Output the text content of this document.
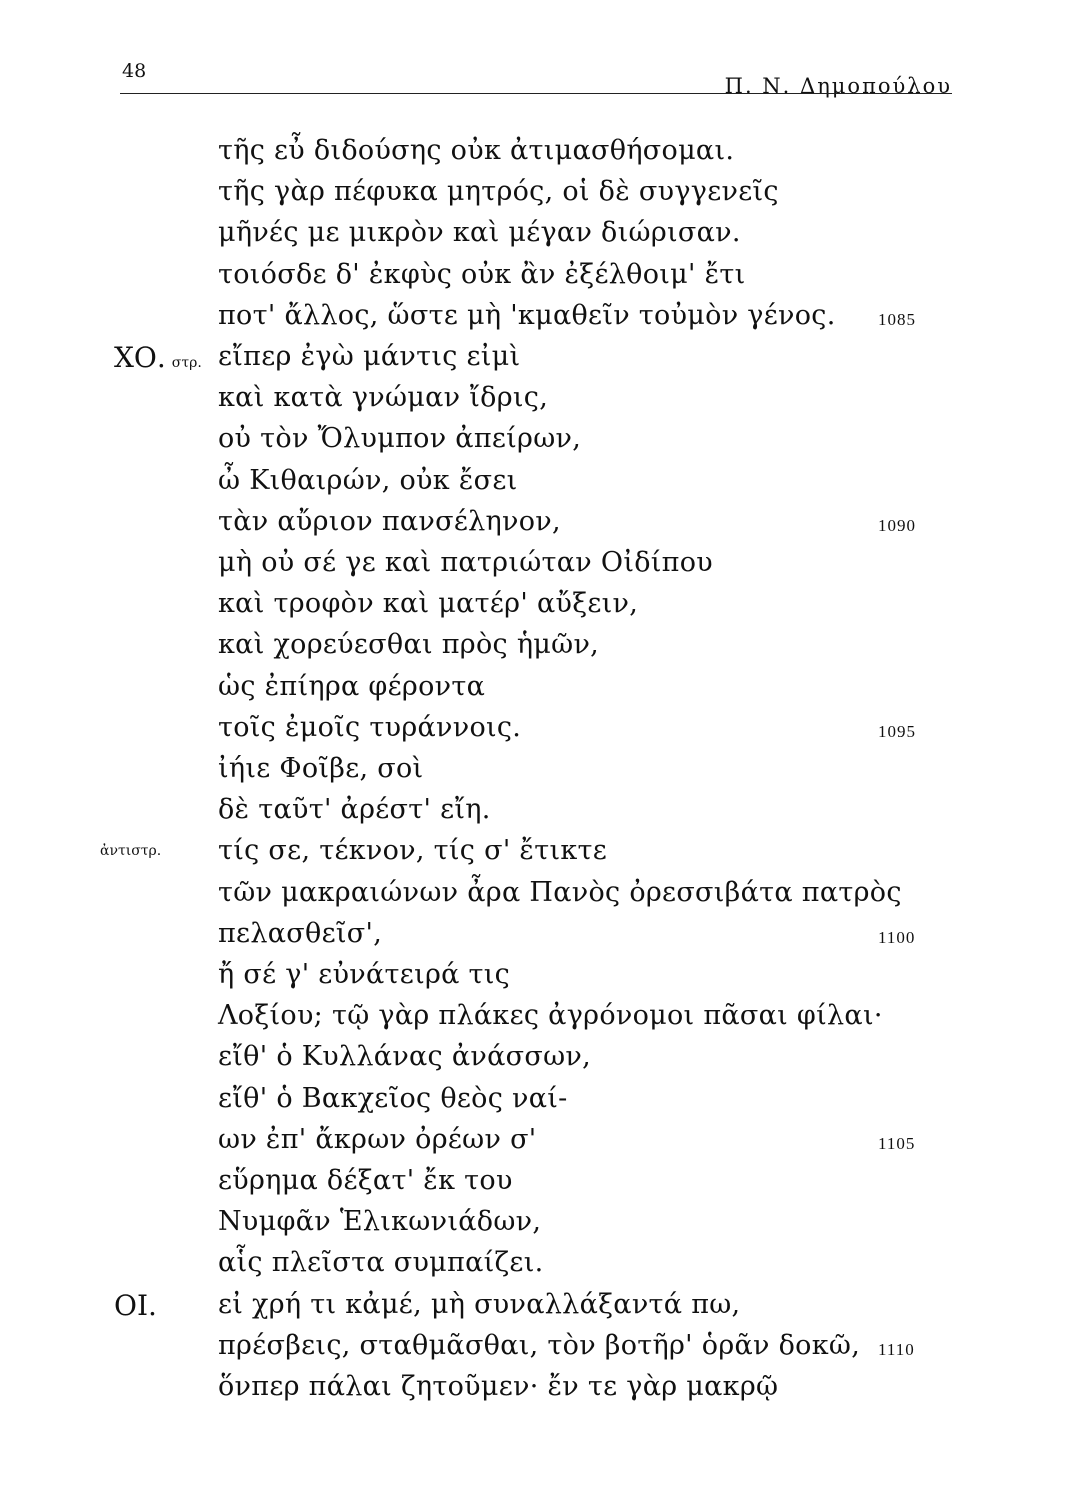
48
Π. Ν. Δημοπούλου
τῆς εὖ διδούσης οὐκ ἀτιμασθήσομαι.
τῆς γὰρ πέφυκα μητρός, οἱ δὲ συγγενεῖς
μῆνές με μικρὸν καὶ μέγαν διώρισαν.
τοιόσδε δ' ἐκφὺς οὐκ ἂν ἐξέλθοιμ' ἔτι
ποτ' ἄλλος, ὥστε μὴ 'κμαθεῖν τοὐμὸν γένος. 1085
ΧΟ. στρ. εἴπερ ἐγὼ μάντις εἰμὶ
καὶ κατὰ γνώμαν ἴδρις,
οὐ τὸν Ὄλυμπον ἀπείρων,
ὦ Κιθαιρών, οὐκ ἔσει
τὰν αὔριον πανσέληνον,	1090
μὴ οὐ σέ γε καὶ πατριώταν Οἰδίπου
καὶ τροφὸν καὶ ματέρ' αὔξειν,
καὶ χορεύεσθαι πρὸς ἡμῶν,
ὡς ἐπίηρα φέροντα
τοῖς ἐμοῖς τυράννοις.	1095
ἰήιε Φοῖβε, σοὶ
δὲ ταῦτ' ἀρέστ' εἴη.
ἀντιστρ. τίς σε, τέκνον, τίς σ' ἔτικτε
τῶν μακραιώνων ἆρα Πανὸς ὀρεσσιβάτα πατρὸς
πελασθεῖσ',	1100
ἤ σέ γ' εὐνάτειρά τις
Λοξίου; τῷ γὰρ πλάκες ἀγρόνομοι πᾶσαι φίλαι·
εἴθ' ὁ Κυλλάνας ἀνάσσων,
εἴθ' ὁ Βακχεῖος θεὸς ναί-
ων ἐπ' ἄκρων ὀρέων σ'	1105
εὕρημα δέξατ' ἔκ του
Νυμφᾶν Ἑλικωνιάδων,
αἷς πλεῖστα συμπαίζει.
ΟΙ. εἰ χρή τι κἀμέ, μὴ συναλλάξαντά πω,
πρέσβεις, σταθμᾶσθαι, τὸν βοτῆρ' ὁρᾶν δοκῶ, 1110
ὅνπερ πάλαι ζητοῦμεν· ἔν τε γὰρ μακρῷ
